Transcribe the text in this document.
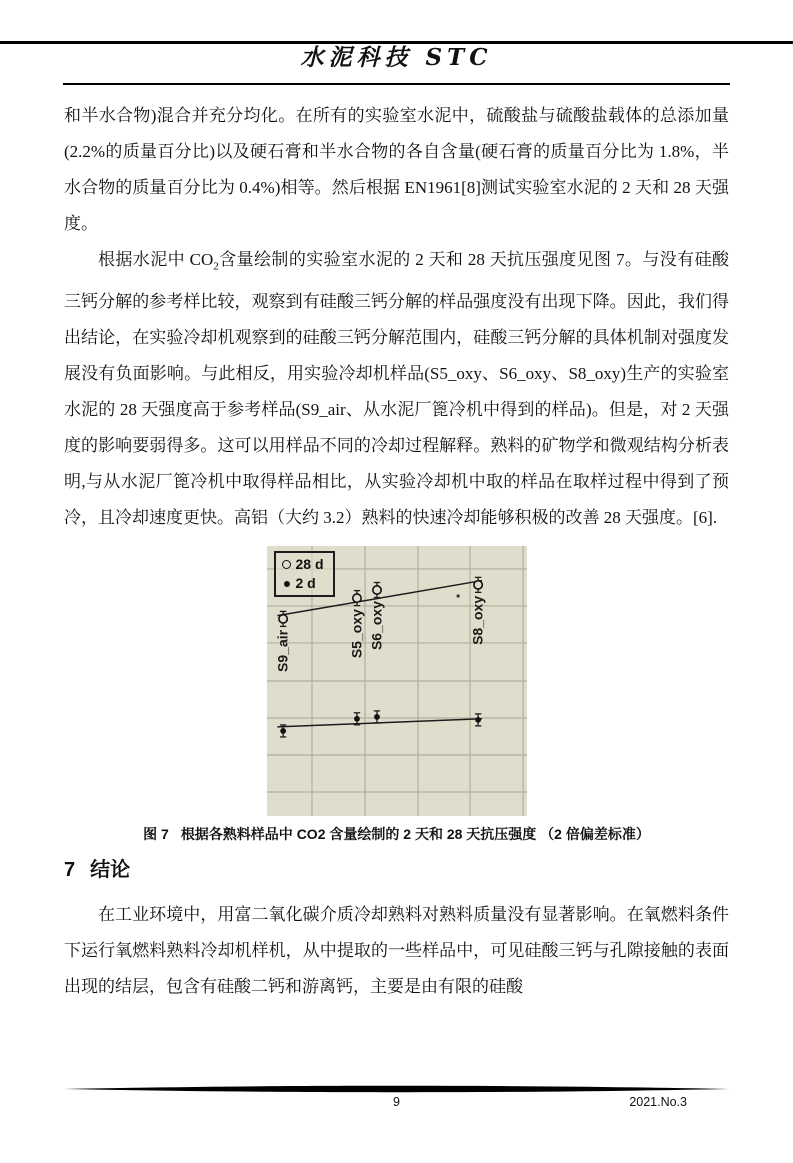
水泥科技 STC

和半水合物)混合并充分均化。在所有的实验室水泥中，硫酸盐与硫酸盐载体的总添加量(2.2%的质量百分比)以及硬石膏和半水合物的各自含量(硬石膏的质量百分比为 1.8%，半水合物的质量百分比为 0.4%)相等。然后根据 EN1961[8]测试实验室水泥的 2 天和 28 天强度。

根据水泥中 $CO_2$含量绘制的实验室水泥的 2 天和 28 天抗压强度见图 7。与没有硅酸三钙分解的参考样比较，观察到有硅酸三钙分解的样品强度没有出现下降。因此，我们得出结论，在实验冷却机观察到的硅酸三钙分解范围内，硅酸三钙分解的具体机制对强度发展没有负面影响。与此相反，用实验冷却机样品(S5_oxy、S6_oxy、S8_oxy)生产的实验室水泥的 28 天强度高于参考样品(S9_air、从水泥厂篦冷机中得到的样品)。但是，对 2 天强度的影响要弱得多。这可以用样品不同的冷却过程解释。熟料的矿物学和微观结构分析表明,与从水泥厂篦冷机中取得样品相比，从实验冷却机中取的样品在取样过程中得到了预冷，且冷却速度更快。高铝（大约 3.2）熟料的快速冷却能够积极的改善 28 天强度。[6].

S9_air	S5_oxy S6_oxy	S8_oxy
28 d
2 d
图 7 根据各熟料样品中 CO2 含量绘制的 2 天和 28 天抗压强度 （2 倍偏差标准）
7 结论

在工业环境中，用富二氧化碳介质冷却熟料对熟料质量没有显著影响。在氧燃料条件下运行氧燃料熟料冷却机样机，从中提取的一些样品中，可见硅酸三钙与孔隙接触的表面出现的结层，包含有硅酸二钙和游离钙，主要是由有限的硅酸

9	2021.No.3
